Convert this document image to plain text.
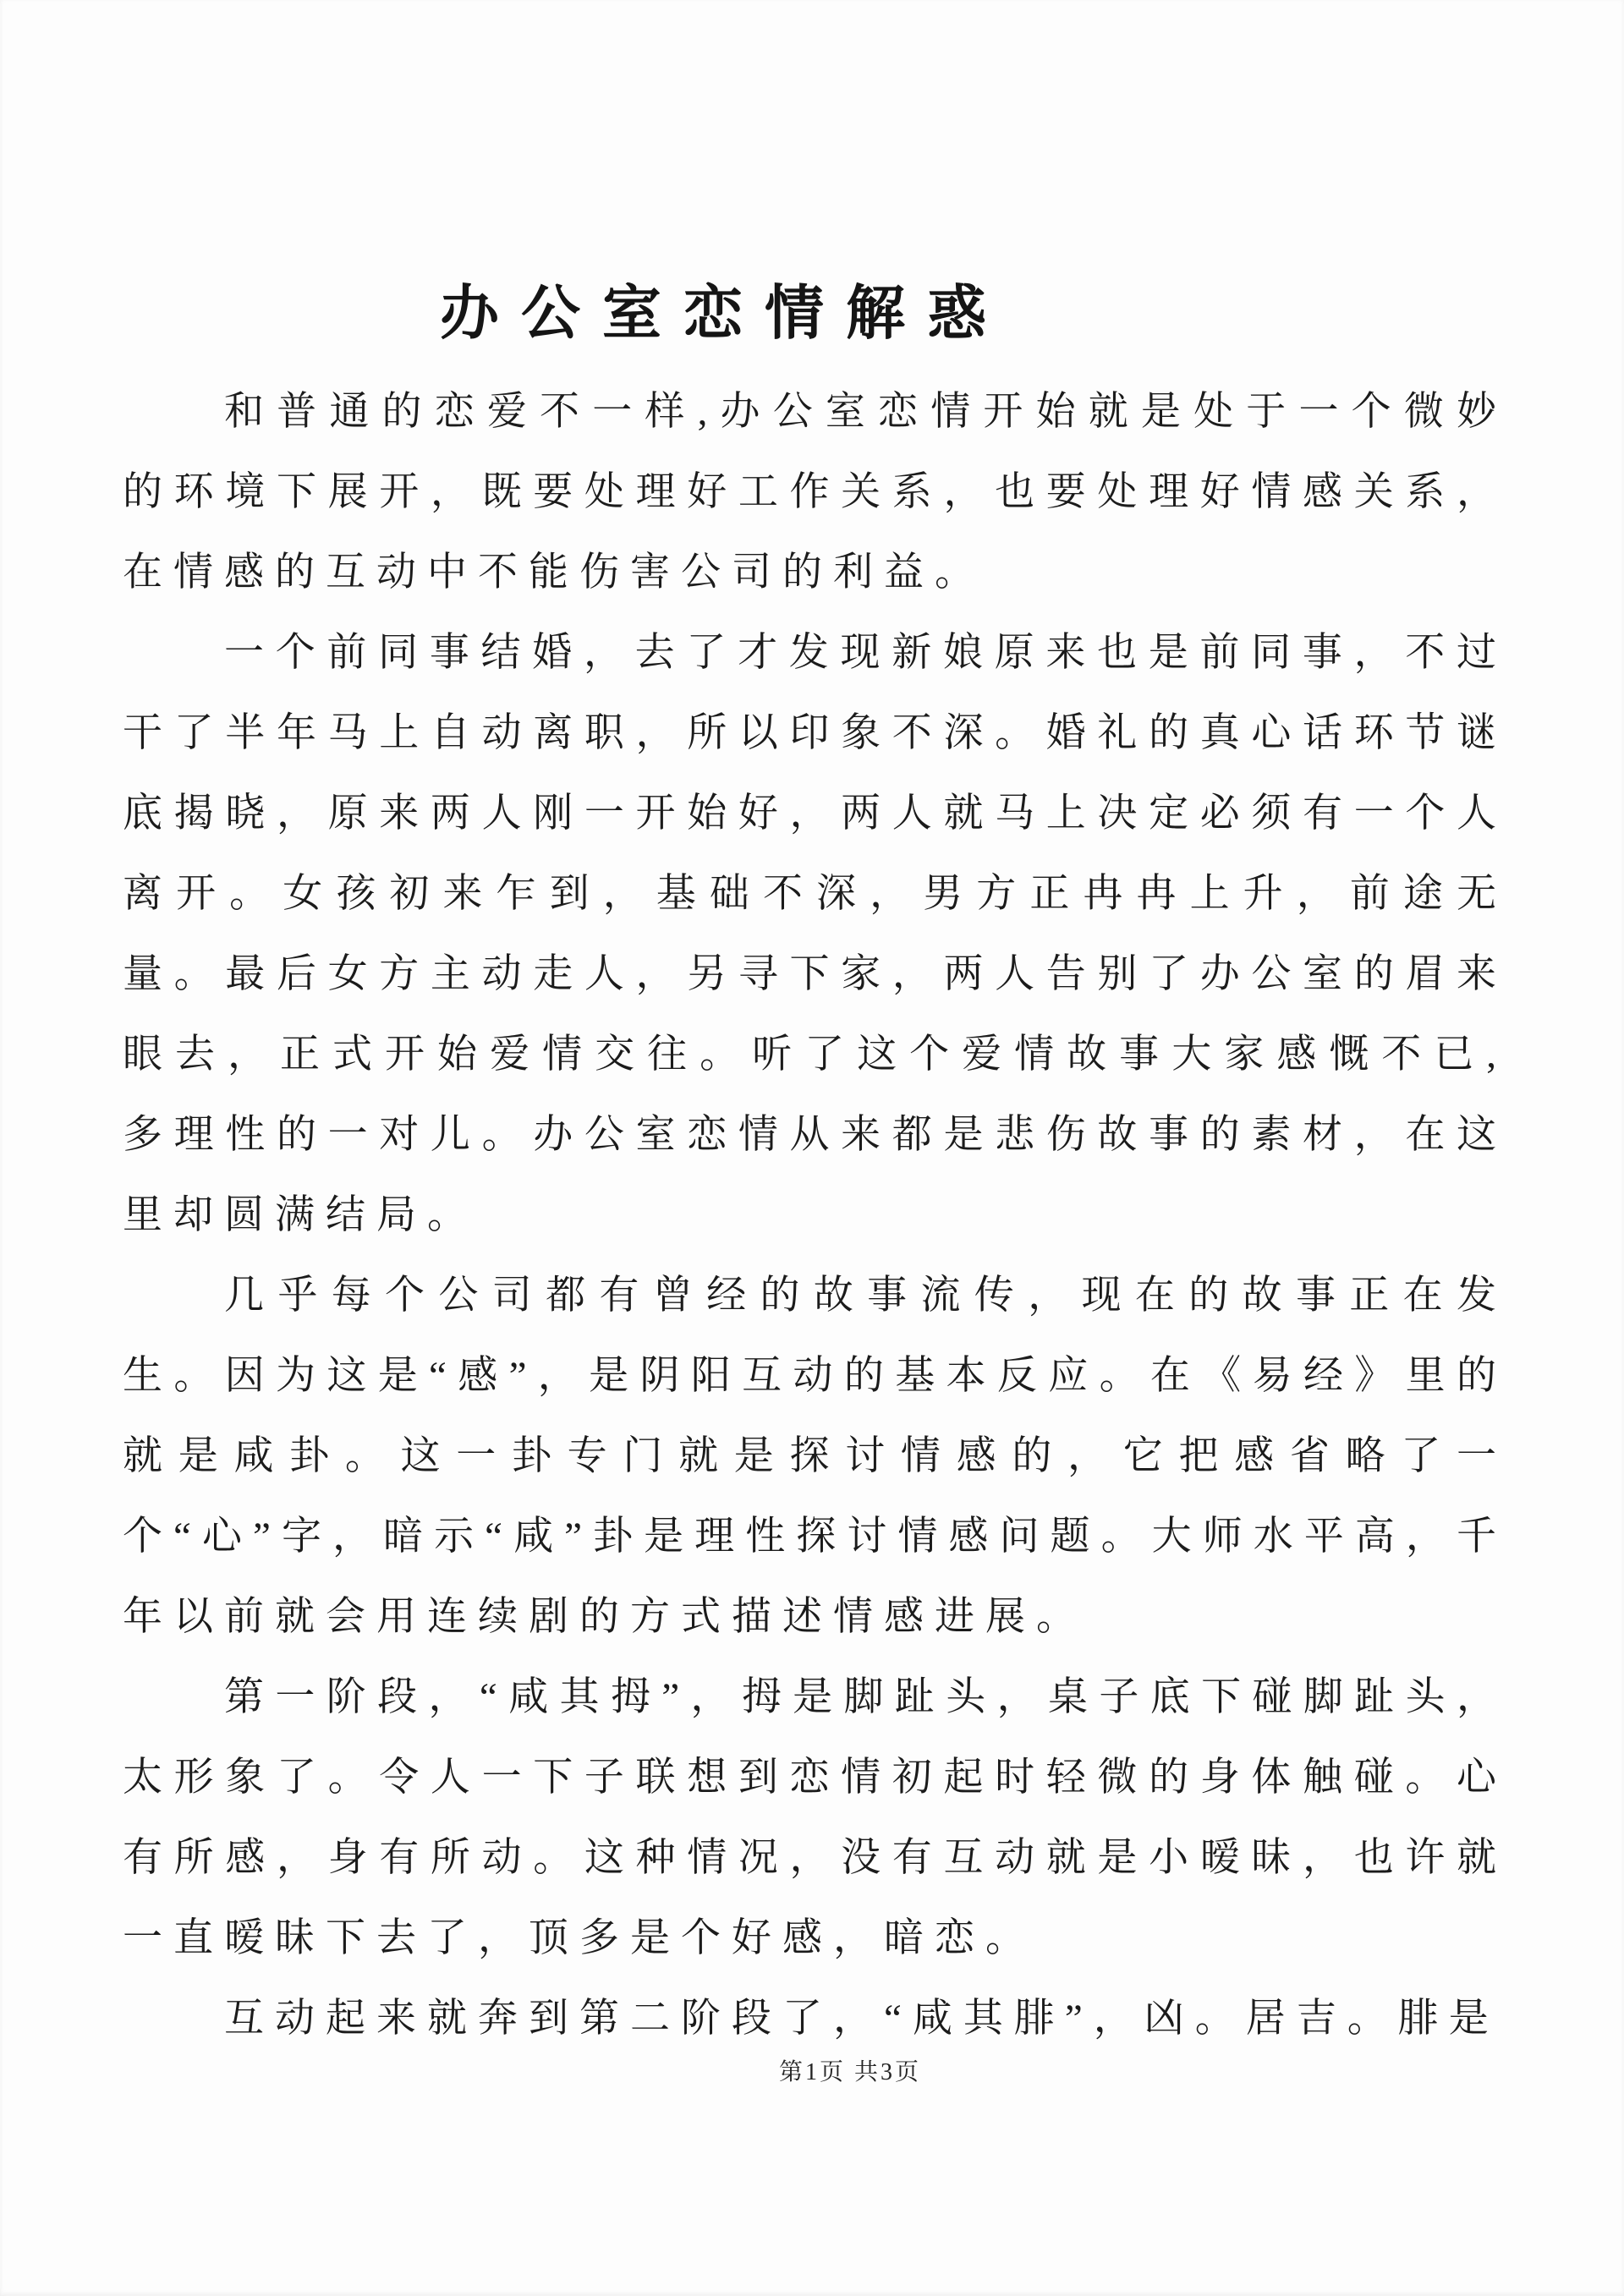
办公室恋情解惑

和普通的恋爱不一样,办公室恋情开始就是处于一个微妙的环境下展开，既要处理好工作关系，也要处理好情感关系，在情感的互动中不能伤害公司的利益。

一个前同事结婚，去了才发现新娘原来也是前同事，不过干了半年马上自动离职，所以印象不深。婚礼的真心话环节谜底揭晓，原来两人刚一开始好，两人就马上决定必须有一个人离开。女孩初来乍到，基础不深，男方正冉冉上升，前途无量。最后女方主动走人，另寻下家，两人告别了办公室的眉来眼去，正式开始爱情交往。听了这个爱情故事大家感慨不已,多理性的一对儿。办公室恋情从来都是悲伤故事的素材，在这里却圆满结局。

几乎每个公司都有曾经的故事流传，现在的故事正在发生。因为这是“感”，是阴阳互动的基本反应。在《易经》里的就是咸卦。这一卦专门就是探讨情感的，它把感省略了一个“心”字，暗示“咸”卦是理性探讨情感问题。大师水平高，千年以前就会用连续剧的方式描述情感进展。

第一阶段，“咸其拇”，拇是脚趾头，桌子底下碰脚趾头，太形象了。令人一下子联想到恋情初起时轻微的身体触碰。心有所感，身有所动。这种情况，没有互动就是小暧昧，也许就一直暧昧下去了，顶多是个好感，暗恋。

互动起来就奔到第二阶段了，“咸其腓”，凶。居吉。腓是

第1页 共3页
